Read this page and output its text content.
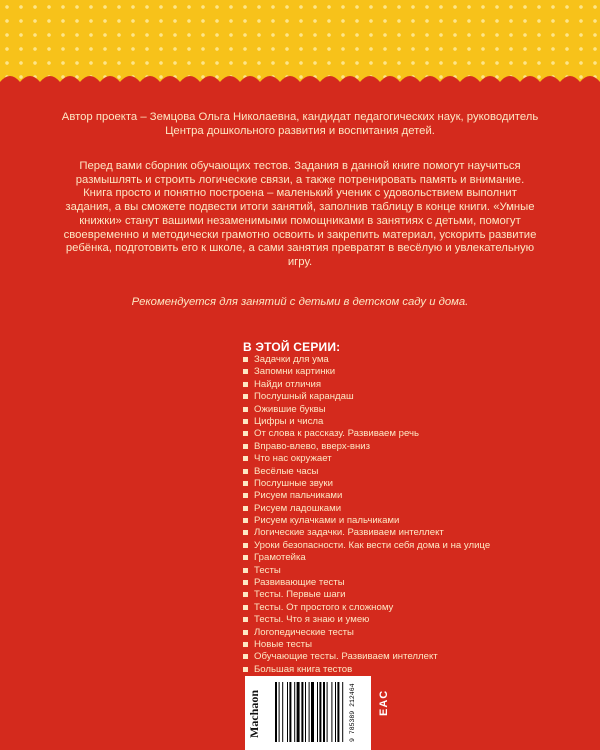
Автор проекта – Земцова Ольга Николаевна, кандидат педагогических наук, руководитель Центра дошкольного развития и воспитания детей.

Перед вами сборник обучающих тестов. Задания в данной книге помогут научиться размышлять и строить логические связи, а также потренировать память и внимание. Книга просто и понятно построена – маленький ученик с удовольствием выполнит задания, а вы сможете подвести итоги занятий, заполнив таблицу в конце книги. «Умные книжки» станут вашими незаменимыми помощниками в занятиях с детьми, помогут своевременно и методически грамотно освоить и закрепить материал, ускорить развитие ребёнка, подготовить его к школе, а сами занятия превратят в весёлую и увлекательную игру.

Рекомендуется для занятий с детьми в детском саду и дома.

В ЭТОЙ СЕРИИ:
Задачки для ума
Запомни картинки
Найди отличия
Послушный карандаш
Ожившие буквы
Цифры и числа
От слова к рассказу. Развиваем речь
Вправо-влево, вверх-вниз
Что нас окружает
Весёлые часы
Послушные звуки
Рисуем пальчиками
Рисуем ладошками
Рисуем кулачками и пальчиками
Логические задачки. Развиваем интеллект
Уроки безопасности. Как вести себя дома и на улице
Грамотейка
Тесты
Развивающие тесты
Тесты. Первые шаги
Тесты. От простого к сложному
Тесты. Что я знаю и умею
Логопедические тесты
Новые тесты
Обучающие тесты. Развиваем интеллект
Большая книга тестов
Machaon	9 785389 212464	EAC
